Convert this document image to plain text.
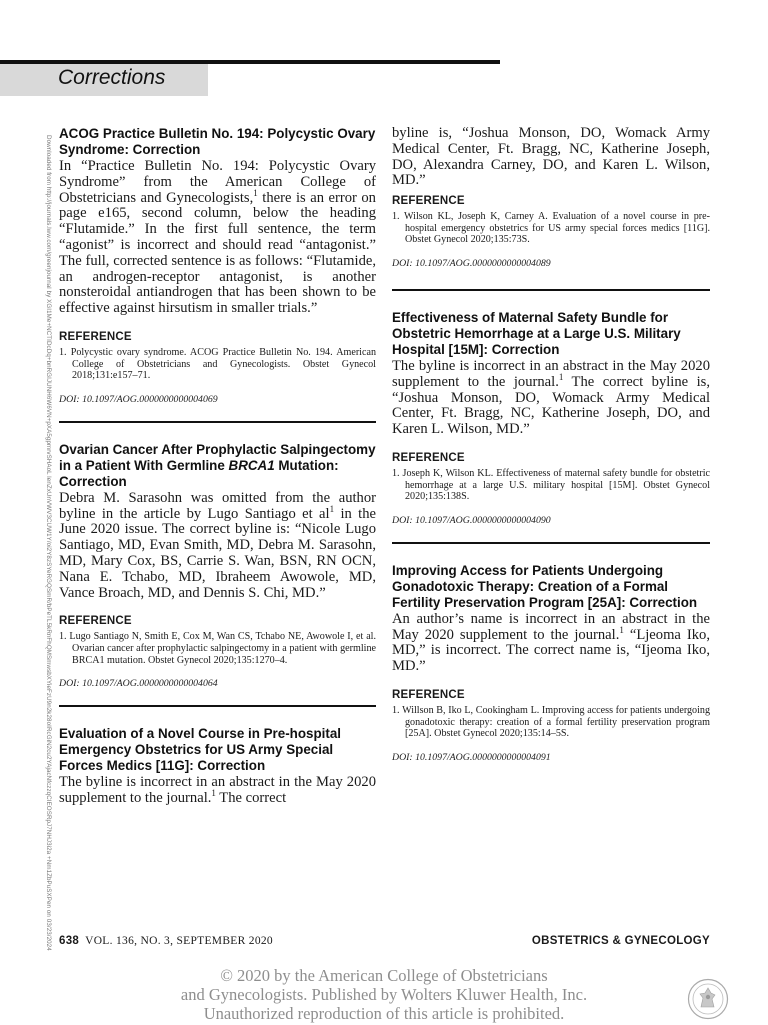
Corrections
Downloaded from http://journals.lww.com/greenjournal by XGI1Me+NCTIDcDq+bnRGIJUNH6W6VN+pXA5gpmrvSHAoL lenZxUnVWV3CUW1Y/oi2Y8zSYeRGQSmR/bPeTL5kRnFhQMSmwsbXYieFzU9n2k28oIRcGiN2cu2YAjacNfczzqCIEOSRpJ7NHJ3i2a +Nm1ZbPuSXPen on 03/23/2024
ACOG Practice Bulletin No. 194: Polycystic Ovary Syndrome: Correction

In “Practice Bulletin No. 194: Polycystic Ovary Syndrome” from the American College of Obstetricians and Gynecologists,$^1$ there is an error on page e165, second column, below the heading “Flutamide.” In the first full sentence, the term “agonist” is incorrect and should read “antagonist.” The full, corrected sentence is as follows: “Flutamide, an androgen-receptor antagonist, is another nonsteroidal antiandrogen that has been shown to be effective against hirsutism in smaller trials.”

REFERENCE

1. Polycystic ovary syndrome. ACOG Practice Bulletin No. 194. American College of Obstetricians and Gynecologists. Obstet Gynecol 2018;131:e157–71.

DOI: 10.1097/AOG.0000000000004069

Ovarian Cancer After Prophylactic Salpingectomy in a Patient With Germline BRCA1 Mutation: Correction

Debra M. Sarasohn was omitted from the author byline in the article by Lugo Santiago et $al^1$ in the June 2020 issue. The correct byline is: “Nicole Lugo Santiago, MD, Evan Smith, MD, Debra M. Sarasohn, MD, Mary Cox, BS, Carrie S. Wan, BSN, RN OCN, Nana E. Tchabo, MD, Ibraheem Awowole, MD, Vance Broach, MD, and Dennis S. Chi, MD.”

REFERENCE

1. Lugo Santiago N, Smith E, Cox M, Wan CS, Tchabo NE, Awowole I, et al. Ovarian cancer after prophylactic salpingectomy in a patient with germline BRCA1 mutation. Obstet Gynecol 2020;135:1270–4.

DOI: 10.1097/AOG.0000000000004064

Evaluation of a Novel Course in Pre-hospital Emergency Obstetrics for US Army Special Forces Medics [11G]: Correction

The byline is incorrect in an abstract in the May 2020 supplement to the journal.$^1$ The correct

byline is, “Joshua Monson, DO, Womack Army Medical Center, Ft. Bragg, NC, Katherine Joseph, DO, Alexandra Carney, DO, and Karen L. Wilson, MD.”

REFERENCE

1. Wilson KL, Joseph K, Carney A. Evaluation of a novel course in pre-hospital emergency obstetrics for US army special forces medics [11G]. Obstet Gynecol 2020;135:73S.

DOI: 10.1097/AOG.0000000000004089

Effectiveness of Maternal Safety Bundle for Obstetric Hemorrhage at a Large U.S. Military Hospital [15M]: Correction

The byline is incorrect in an abstract in the May 2020 supplement to the journal.$^1$ The correct byline is, “Joshua Monson, DO, Womack Army Medical Center, Ft. Bragg, NC, Katherine Joseph, DO, and Karen L. Wilson, MD.”

REFERENCE

1. Joseph K, Wilson KL. Effectiveness of maternal safety bundle for obstetric hemorrhage at a large U.S. military hospital [15M]. Obstet Gynecol 2020;135:138S.

DOI: 10.1097/AOG.0000000000004090

Improving Access for Patients Undergoing Gonadotoxic Therapy: Creation of a Formal Fertility Preservation Program [25A]: Correction

An author’s name is incorrect in an abstract in the May 2020 supplement to the journal.$^1$ “Ljeoma Iko, MD,” is incorrect. The correct name is, “Ijeoma Iko, MD.”

REFERENCE

1. Willson B, Iko L, Cookingham L. Improving access for patients undergoing gonadotoxic therapy: creation of a formal fertility preservation program [25A]. Obstet Gynecol 2020;135:14–5S.

DOI: 10.1097/AOG.0000000000004091

638 VOL. 136, NO. 3, SEPTEMBER 2020	OBSTETRICS & GYNECOLOGY
© 2020 by the American College of Obstetricians
and Gynecologists. Published by Wolters Kluwer Health, Inc.
Unauthorized reproduction of this article is prohibited.
